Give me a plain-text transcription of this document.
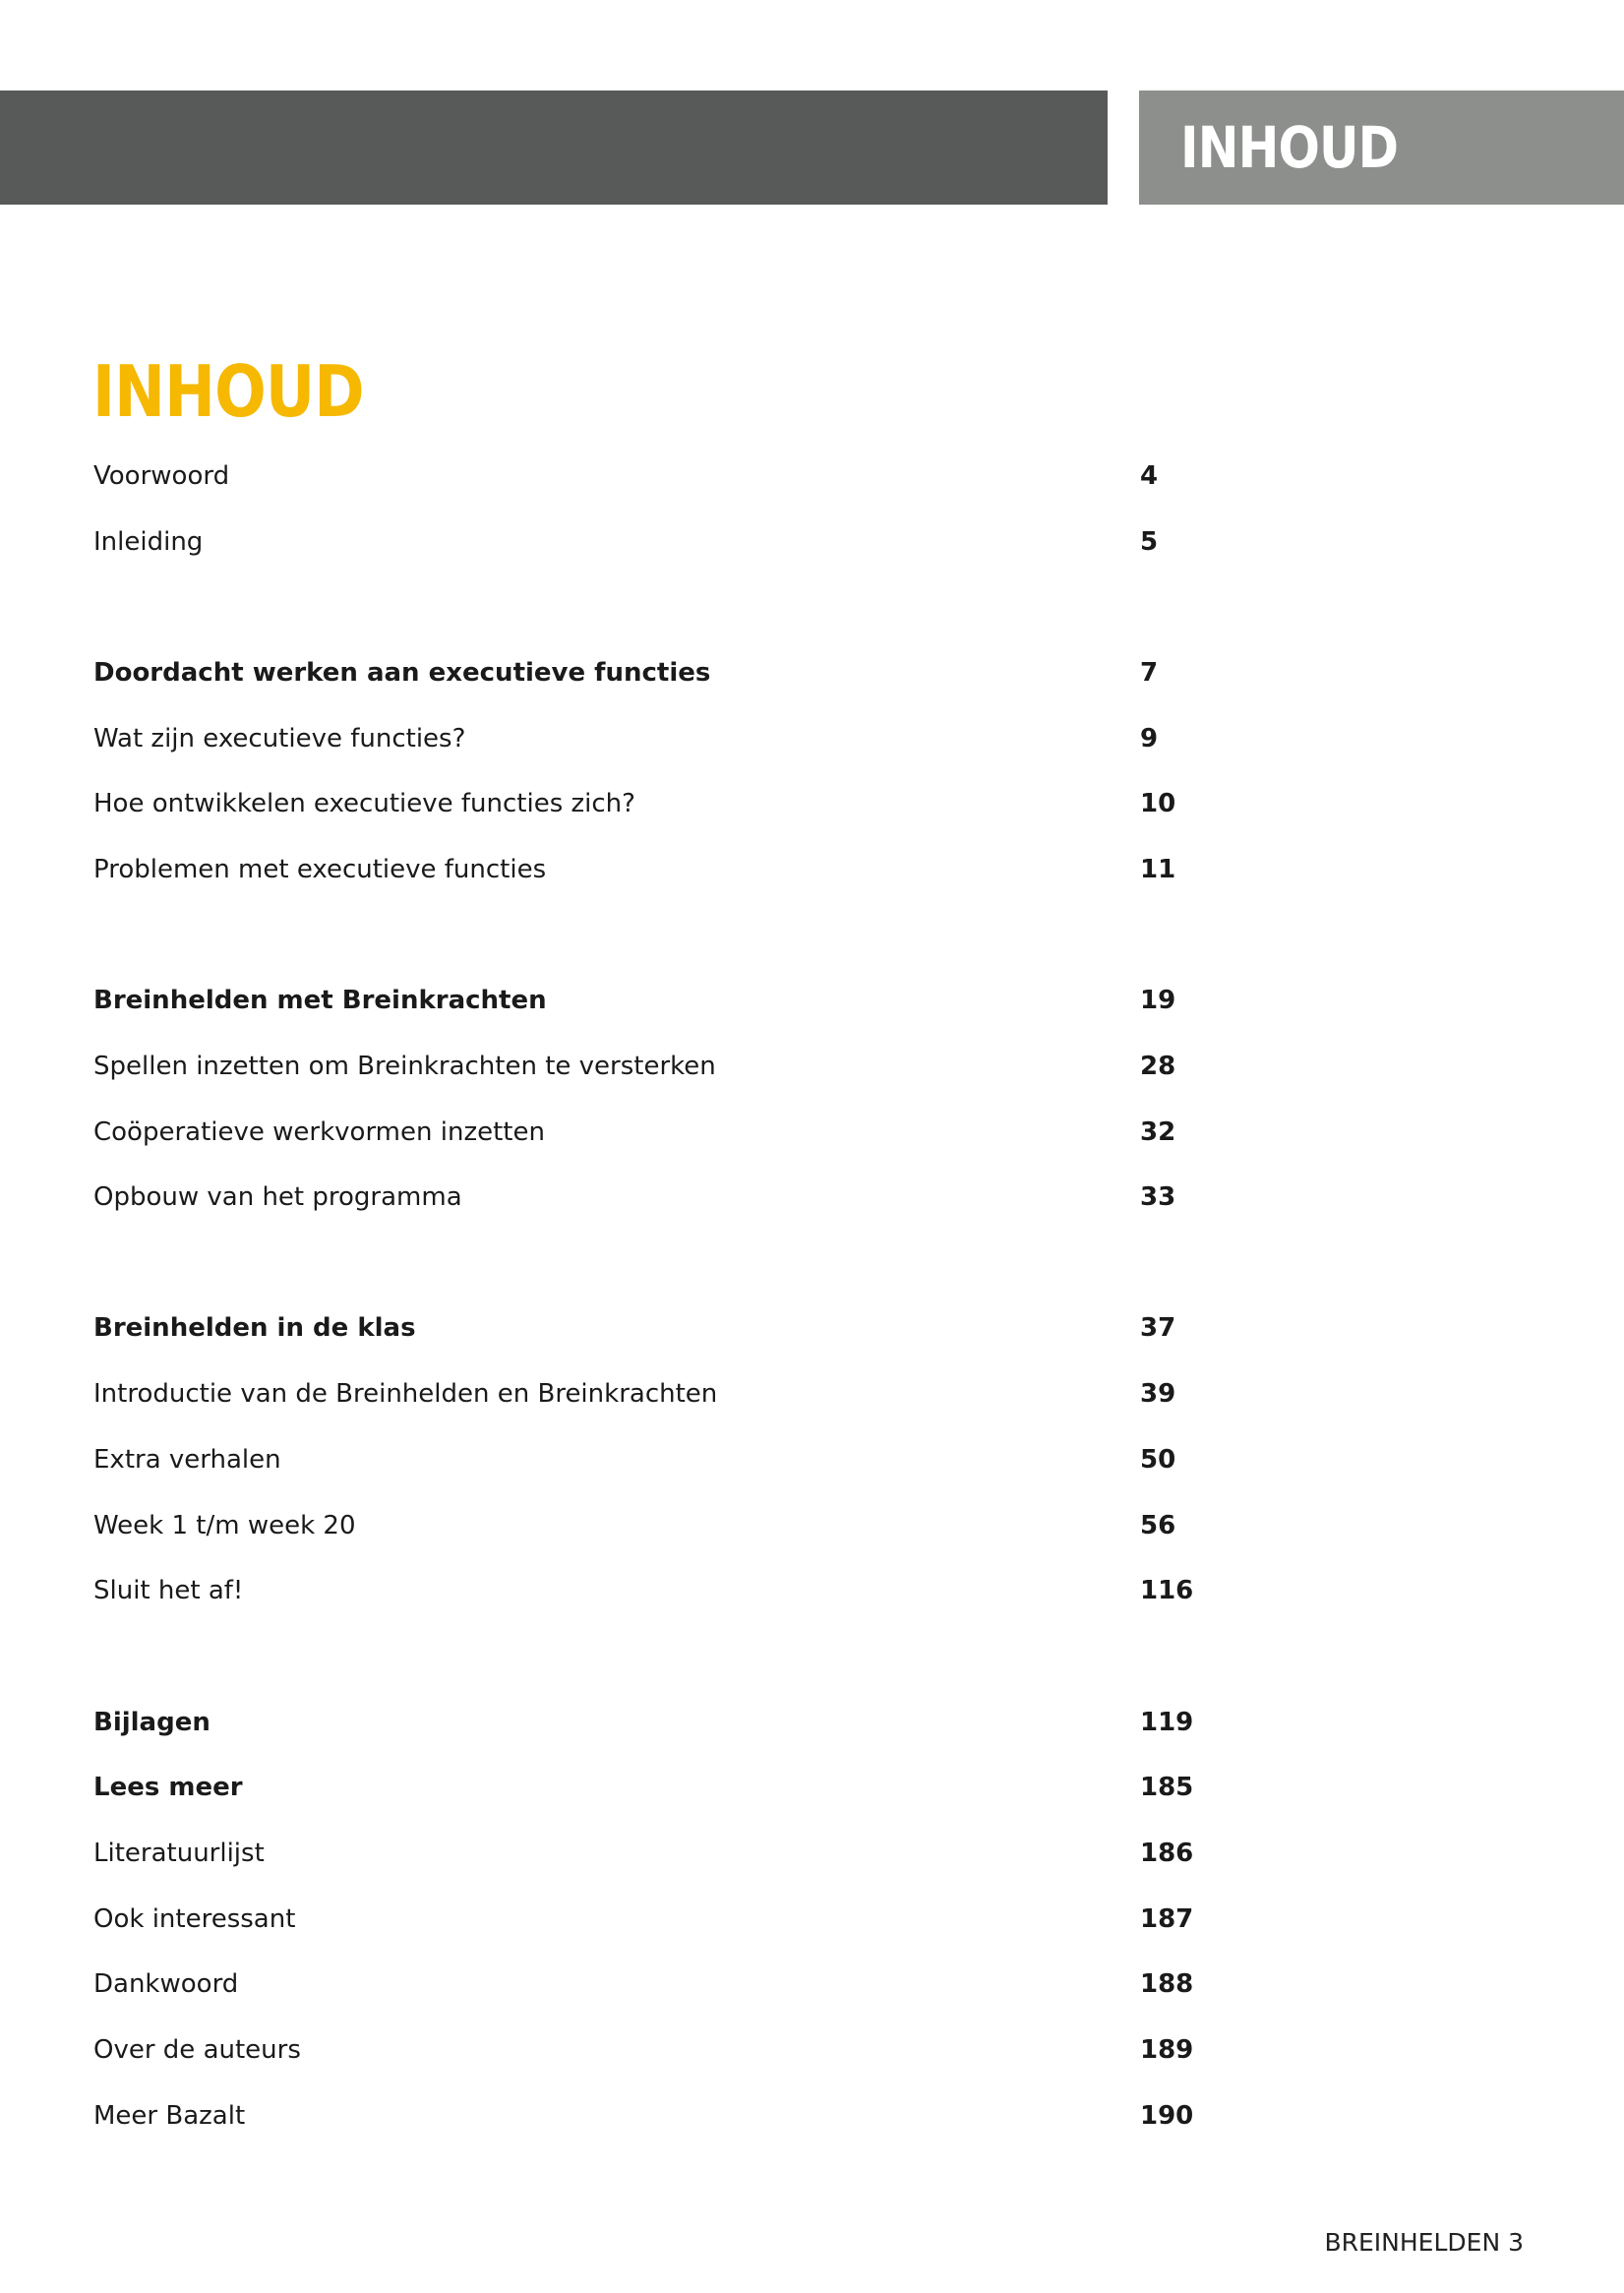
INHOUD
INHOUD
Voorwoord	4
Inleiding	5
Doordacht werken aan executieve functies	7
Wat zijn executieve functies?	9
Hoe ontwikkelen executieve functies zich?	10
Problemen met executieve functies	11
Breinhelden met Breinkrachten	19
Spellen inzetten om Breinkrachten te versterken	28
Coöperatieve werkvormen inzetten	32
Opbouw van het programma	33
Breinhelden in de klas	37
Introductie van de Breinhelden en Breinkrachten	39
Extra verhalen	50
Week 1 t/m week 20	56
Sluit het af!	116
Bijlagen	119
Lees meer	185
Literatuurlijst	186
Ook interessant	187
Dankwoord	188
Over de auteurs	189
Meer Bazalt	190
BREINHELDEN 3
